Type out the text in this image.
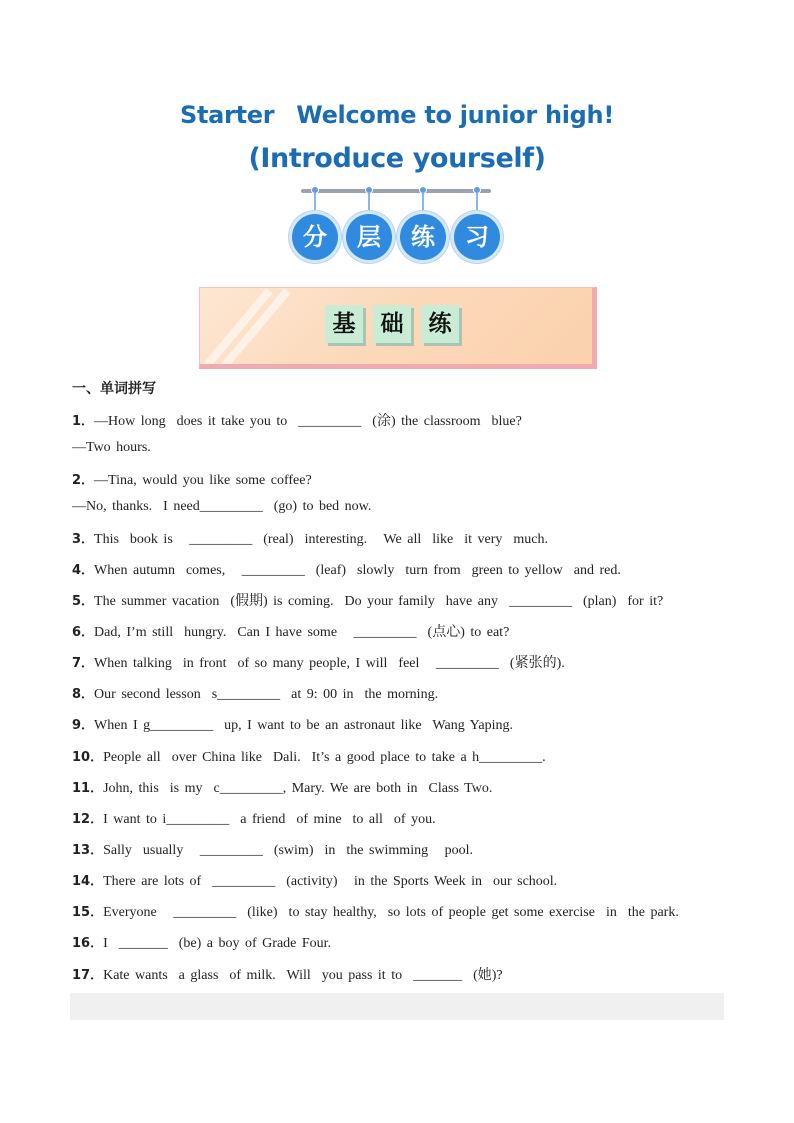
Starter Welcome to junior high!
(Introduce yourself)
分	层	练	习
基	础	练
一、单词拼写
1．—How long  does it take you to  _________  (涂) the classroom  blue?
—Two hours.
2．—Tina, would you like some coffee?
—No, thanks.  I need_________  (go) to bed now.
3．This  book is   _________  (real)  interesting.   We all  like  it very  much.
4．When autumn  comes,   _________  (leaf)  slowly  turn from  green to yellow  and red.
5．The summer vacation  (假期) is coming.  Do your family  have any  _________  (plan)  for it?
6．Dad, I’m still  hungry.  Can I have some   _________  (点心) to eat?
7．When talking  in front  of so many people, I will  feel   _________  (紧张的).
8．Our second lesson  s_________  at 9: 00 in  the morning.
9．When I g_________  up, I want to be an astronaut like  Wang Yaping.
10．People all  over China like  Dali.  It’s a good place to take a h_________.
11．John, this  is my  c_________, Mary. We are both in  Class Two.
12．I want to i_________  a friend  of mine  to all  of you.
13．Sally  usually   _________  (swim)  in  the swimming   pool.
14．There are lots of  _________  (activity)   in the Sports Week in  our school.
15．Everyone   _________  (like)  to stay healthy,  so lots of people get some exercise  in  the park.
16．I  _______  (be) a boy of Grade Four.
17．Kate wants  a glass  of milk.  Will  you pass it to  _______  (她)?
